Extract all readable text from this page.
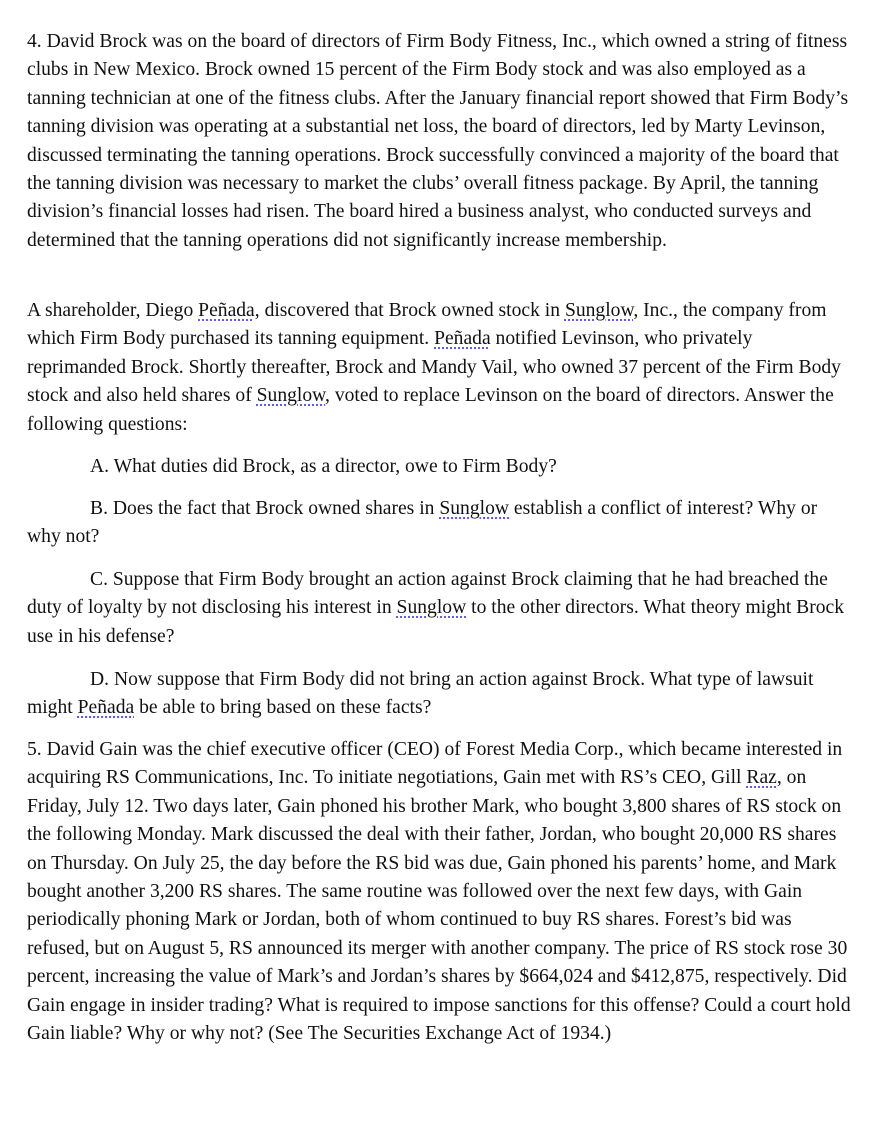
4. David Brock was on the board of directors of Firm Body Fitness, Inc., which owned a string of fitness clubs in New Mexico. Brock owned 15 percent of the Firm Body stock and was also employed as a tanning technician at one of the fitness clubs. After the January financial report showed that Firm Body’s tanning division was operating at a substantial net loss, the board of directors, led by Marty Levinson, discussed terminating the tanning operations. Brock successfully convinced a majority of the board that the tanning division was necessary to market the clubs’ overall fitness package. By April, the tanning division’s financial losses had risen. The board hired a business analyst, who conducted surveys and determined that the tanning operations did not significantly increase membership.

A shareholder, Diego Peñada, discovered that Brock owned stock in Sunglow, Inc., the company from which Firm Body purchased its tanning equipment. Peñada notified Levinson, who privately reprimanded Brock. Shortly thereafter, Brock and Mandy Vail, who owned 37 percent of the Firm Body stock and also held shares of Sunglow, voted to replace Levinson on the board of directors. Answer the following questions:

A. What duties did Brock, as a director, owe to Firm Body?

B. Does the fact that Brock owned shares in Sunglow establish a conflict of interest? Why or why not?

C. Suppose that Firm Body brought an action against Brock claiming that he had breached the duty of loyalty by not disclosing his interest in Sunglow to the other directors. What theory might Brock use in his defense?

D. Now suppose that Firm Body did not bring an action against Brock. What type of lawsuit might Peñada be able to bring based on these facts?

5. David Gain was the chief executive officer (CEO) of Forest Media Corp., which became interested in acquiring RS Communications, Inc. To initiate negotiations, Gain met with RS’s CEO, Gill Raz, on Friday, July 12. Two days later, Gain phoned his brother Mark, who bought 3,800 shares of RS stock on the following Monday. Mark discussed the deal with their father, Jordan, who bought 20,000 RS shares on Thursday. On July 25, the day before the RS bid was due, Gain phoned his parents’ home, and Mark bought another 3,200 RS shares. The same routine was followed over the next few days, with Gain periodically phoning Mark or Jordan, both of whom continued to buy RS shares. Forest’s bid was refused, but on August 5, RS announced its merger with another company. The price of RS stock rose 30 percent, increasing the value of Mark’s and Jordan’s shares by $664,024 and $412,875, respectively. Did Gain engage in insider trading? What is required to impose sanctions for this offense? Could a court hold Gain liable? Why or why not? (See The Securities Exchange Act of 1934.)
